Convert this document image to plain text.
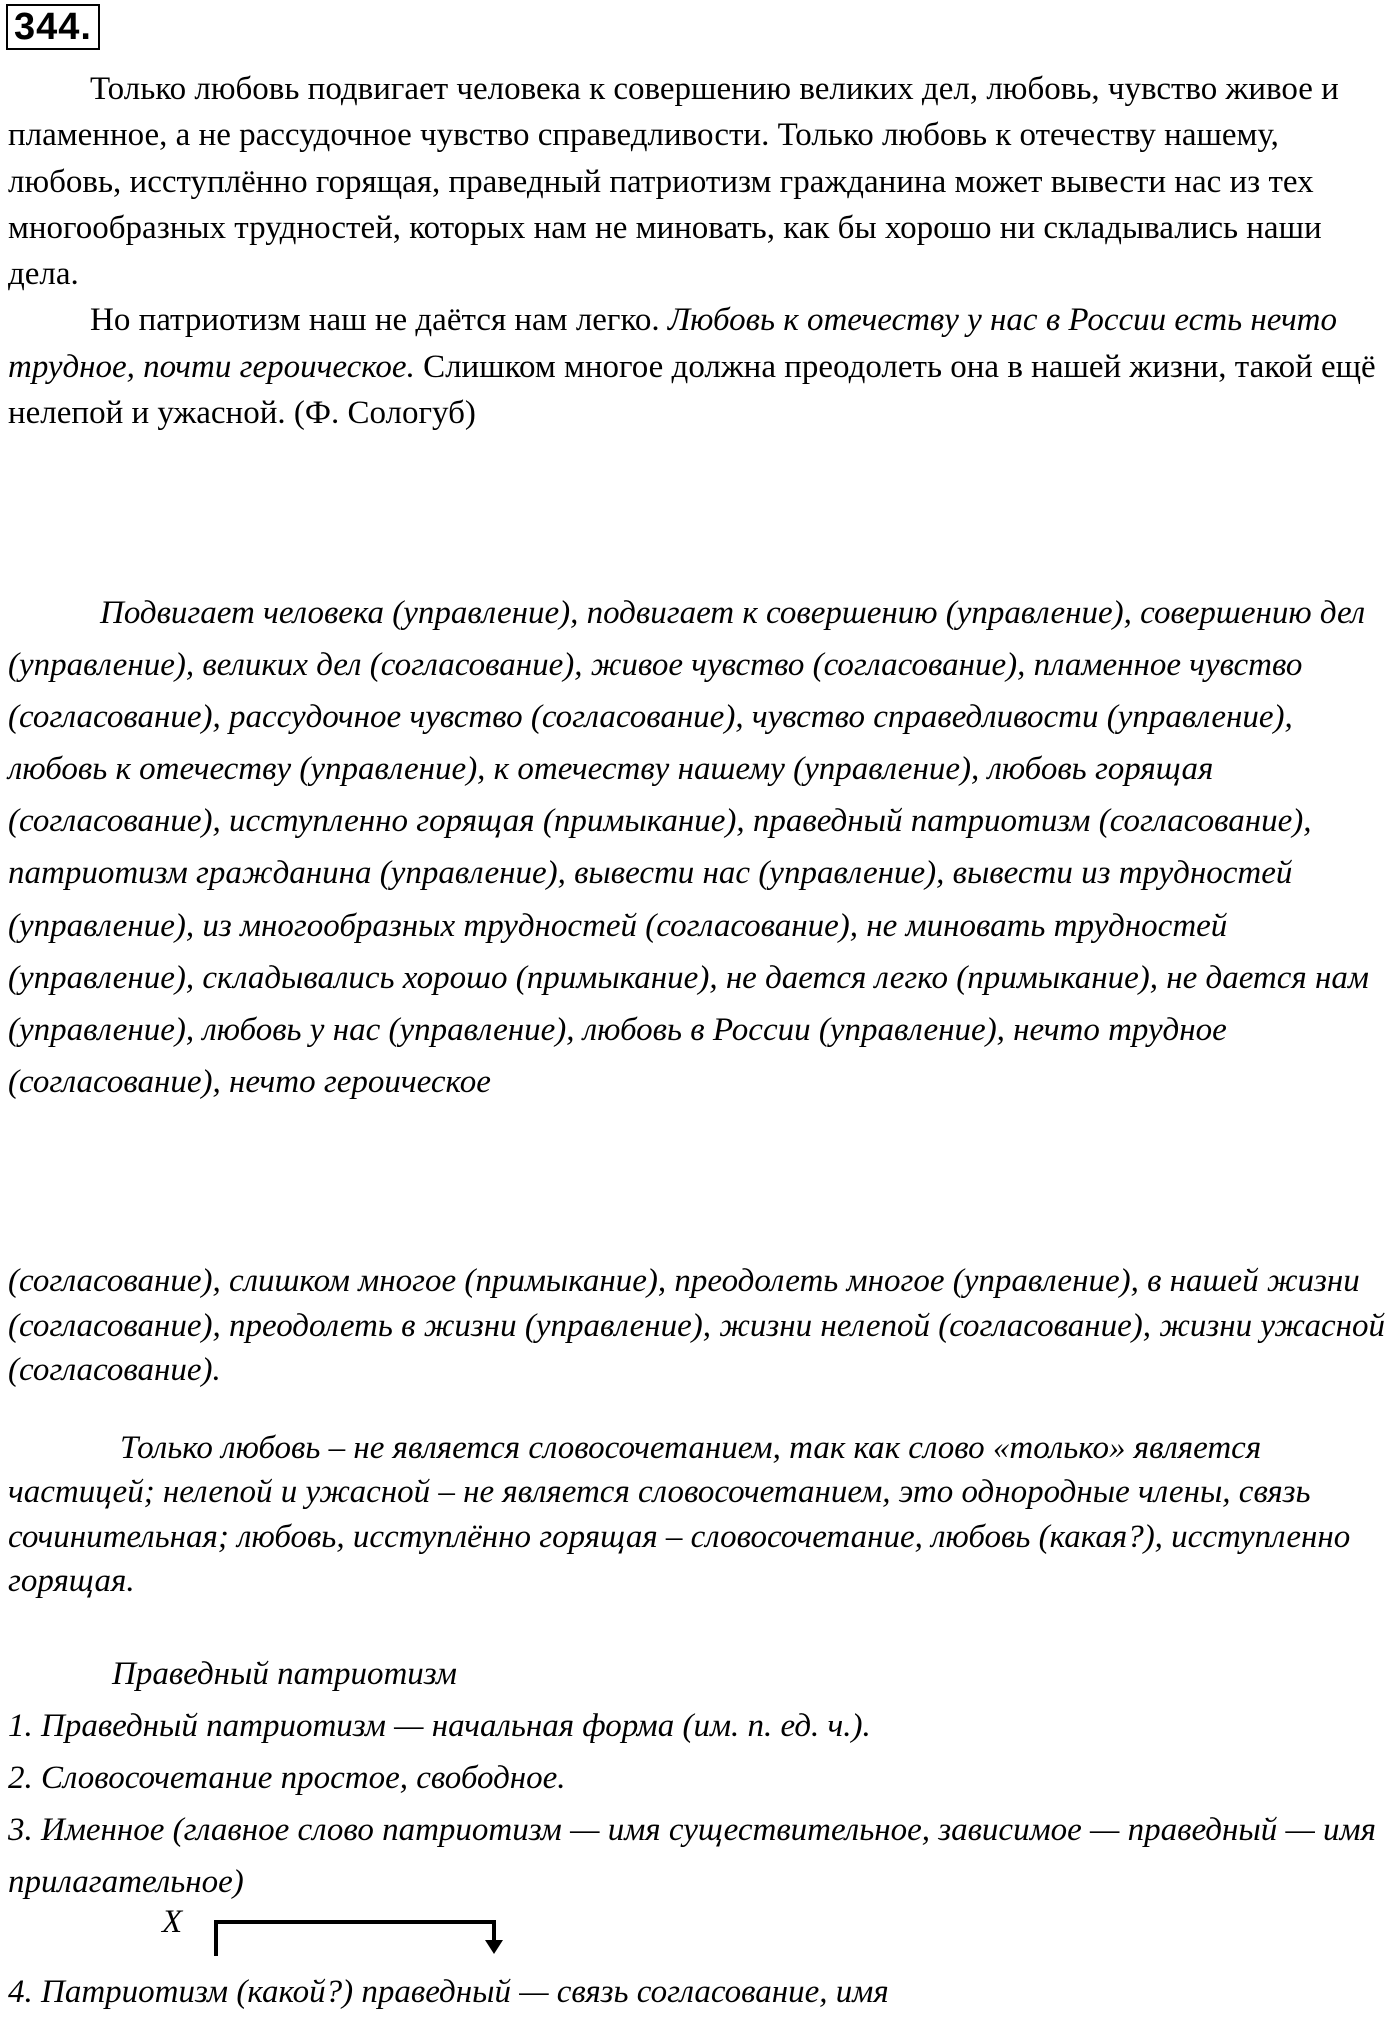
344.

Только любовь подвигает человека к совершению великих дел, любовь, чувство живое и пламенное, а не рассудочное чувство справедливости. Только любовь к отечеству нашему, любовь, исступлённо горящая, праведный патриотизм гражданина может вывести нас из тех многообразных трудностей, которых нам не миновать, как бы хорошо ни складывались наши дела.

Но патриотизм наш не даётся нам легко. Любовь к отечеству у нас в России есть нечто трудное, почти героическое. Слишком многое должна преодолеть она в нашей жизни, такой ещё нелепой и ужасной. (Ф. Сологуб)

Подвигает человека (управление), подвигает к совершению (управление), совершению дел (управление), великих дел (согласование), живое чувство (согласование), пламенное чувство (согласование), рассудочное чувство (согласование), чувство справедливости (управление), любовь к отечеству (управление), к отечеству нашему (управление), любовь горящая (согласование), исступленно горящая (примыкание), праведный патриотизм (согласование), патриотизм гражданина (управление), вывести нас (управление), вывести из трудностей (управление), из многообразных трудностей (согласование), не миновать трудностей (управление), складывались хорошо (примыкание), не дается легко (примыкание), не дается нам (управление), любовь у нас (управление), любовь в России (управление), нечто трудное (согласование), нечто героическое

(согласование), слишком многое (примыкание), преодолеть многое (управление), в нашей жизни (согласование), преодолеть в жизни (управление), жизни нелепой (согласование), жизни ужасной (согласование).

Только любовь – не является словосочетанием, так как слово «только» является частицей; нелепой и ужасной – не является словосочетанием, это однородные члены, связь сочинительная; любовь, исступлённо горящая – словосочетание, любовь (какая?), исступленно горящая.

Праведный патриотизм

1. Праведный патриотизм — начальная форма (им. п. ед. ч.).

2. Словосочетание простое, свободное.

3. Именное (главное слово патриотизм — имя существительное, зависимое — праведный — имя прилагательное)

4. Патриотизм (какой?) праведный — связь согласование, имя

X
